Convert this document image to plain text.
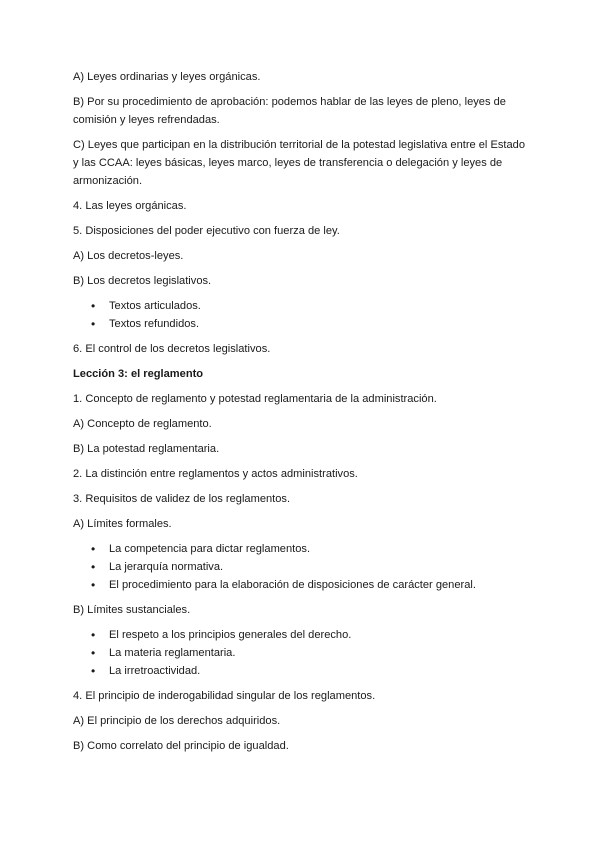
A) Leyes ordinarias y leyes orgánicas.

B) Por su procedimiento de aprobación: podemos hablar de las leyes de pleno, leyes de comisión y leyes refrendadas.

C) Leyes que participan en la distribución territorial de la potestad legislativa entre el Estado y las CCAA: leyes básicas, leyes marco, leyes de transferencia o delegación y leyes de armonización.

4. Las leyes orgánicas.

5. Disposiciones del poder ejecutivo con fuerza de ley.

A) Los decretos-leyes.

B) Los decretos legislativos.

• Textos articulados.
• Textos refundidos.

6. El control de los decretos legislativos.

Lección 3: el reglamento

1. Concepto de reglamento y potestad reglamentaria de la administración.

A) Concepto de reglamento.

B) La potestad reglamentaria.

2. La distinción entre reglamentos y actos administrativos.

3. Requisitos de validez de los reglamentos.

A) Límites formales.

• La competencia para dictar reglamentos.
• La jerarquía normativa.
• El procedimiento para la elaboración de disposiciones de carácter general.

B) Límites sustanciales.

• El respeto a los principios generales del derecho.
• La materia reglamentaria.
• La irretroactividad.

4. El principio de inderogabilidad singular de los reglamentos.

A) El principio de los derechos adquiridos.

B) Como correlato del principio de igualdad.
